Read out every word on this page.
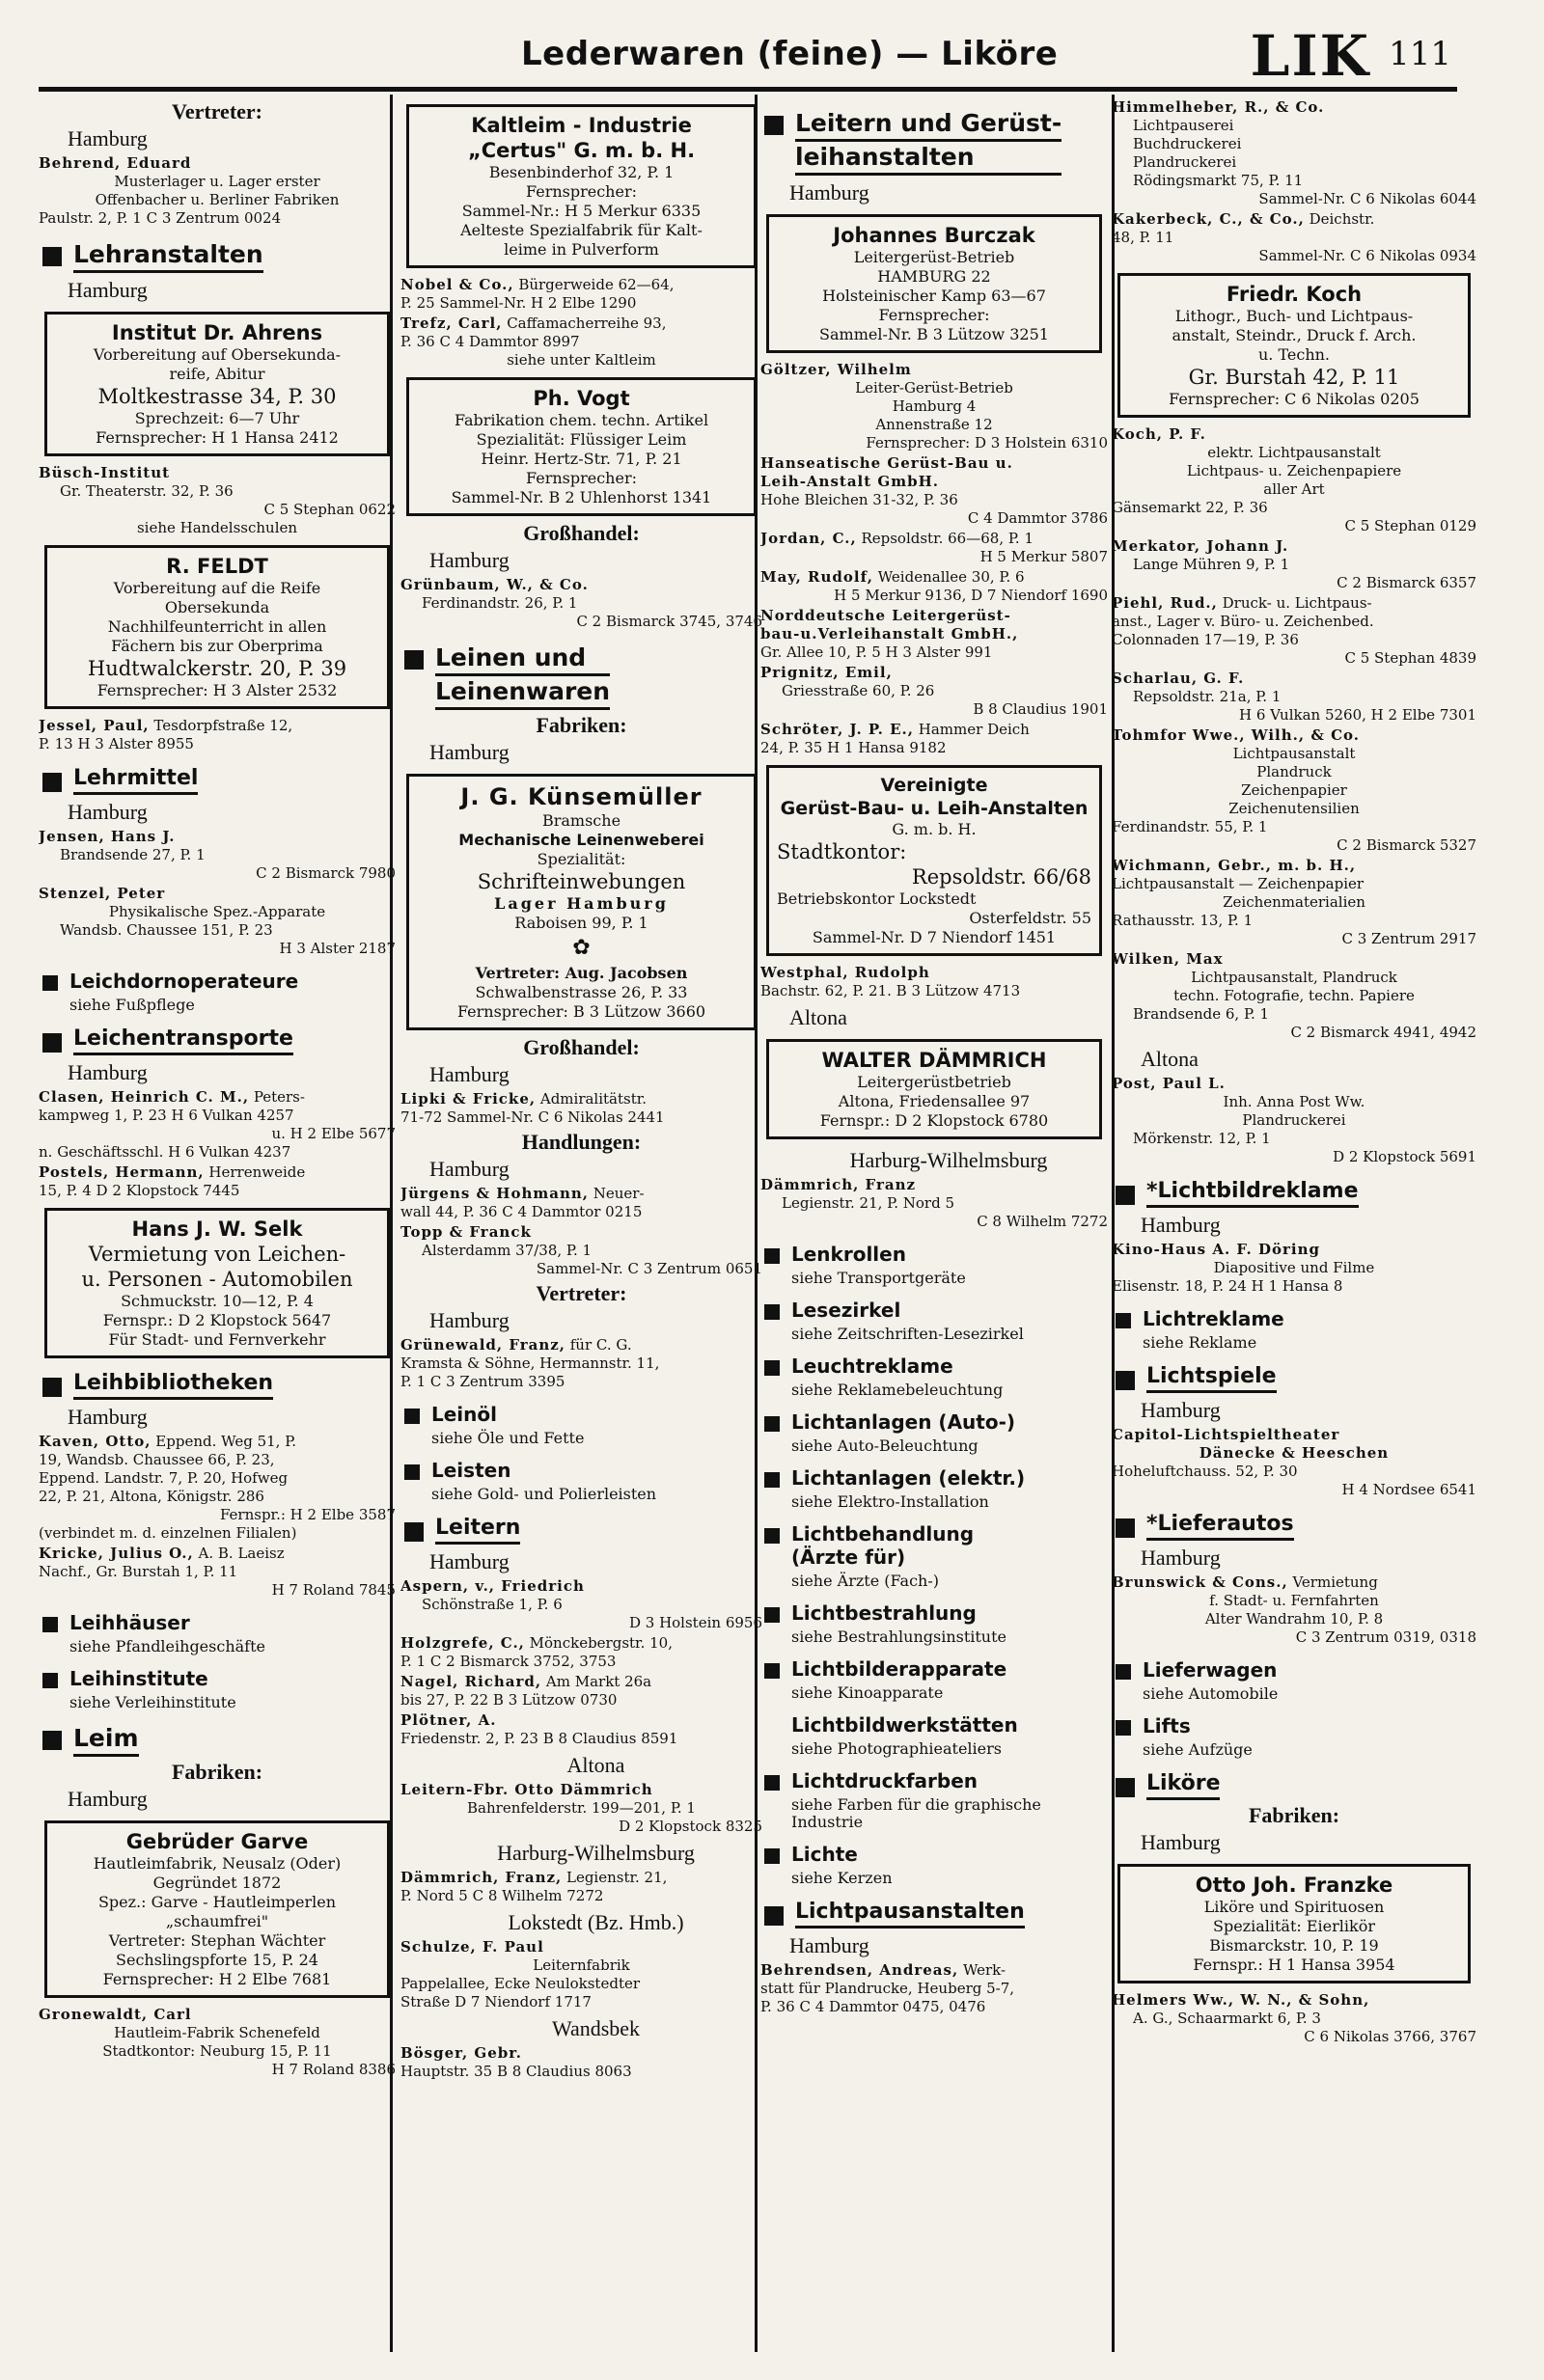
Lederwaren (feine) — Liköre	LIK 111
Vertreter:
Hamburg
Behrend, Eduard
Musterlager u. Lager erster
Offenbacher u. Berliner Fabriken
Paulstr. 2, P. 1 C 3 Zentrum 0024
Lehranstalten
Hamburg
Institut Dr. Ahrens
Vorbereitung auf Obersekunda-
reife, Abitur
Moltkestrasse 34, P. 30
Sprechzeit: 6—7 Uhr
Fernsprecher: H 1 Hansa 2412
Büsch-Institut
Gr. Theaterstr. 32, P. 36
C 5 Stephan 0622
siehe Handelsschulen
R. FELDT
Vorbereitung auf die Reife
Obersekunda
Nachhilfeunterricht in allen
Fächern bis zur Oberprima
Hudtwalckerstr. 20, P. 39
Fernsprecher: H 3 Alster 2532
Jessel, Paul, Tesdorpfstraße 12,
P. 13 H 3 Alster 8955
Lehrmittel
Hamburg
Jensen, Hans J.
Brandsende 27, P. 1
C 2 Bismarck 7980
Stenzel, Peter
Physikalische Spez.-Apparate
Wandsb. Chaussee 151, P. 23
H 3 Alster 2187
Leichdornoperateure
siehe Fußpflege
Leichentransporte
Hamburg
Clasen, Heinrich C. M., Peters-
kampweg 1, P. 23 H 6 Vulkan 4257
u. H 2 Elbe 5677
n. Geschäftsschl. H 6 Vulkan 4237
Postels, Hermann, Herrenweide
15, P. 4 D 2 Klopstock 7445
Hans J. W. Selk
Vermietung von Leichen-
u. Personen - Automobilen
Schmuckstr. 10—12, P. 4
Fernspr.: D 2 Klopstock 5647
Für Stadt- und Fernverkehr
Leihbibliotheken
Hamburg
Kaven, Otto, Eppend. Weg 51, P.
19, Wandsb. Chaussee 66, P. 23,
Eppend. Landstr. 7, P. 20, Hofweg
22, P. 21, Altona, Königstr. 286
Fernspr.: H 2 Elbe 3587
(verbindet m. d. einzelnen Filialen)
Kricke, Julius O., A. B. Laeisz
Nachf., Gr. Burstah 1, P. 11
H 7 Roland 7845
Leihhäuser
siehe Pfandleihgeschäfte
Leihinstitute
siehe Verleihinstitute
Leim
Fabriken:
Hamburg
Gebrüder Garve
Hautleimfabrik, Neusalz (Oder)
Gegründet 1872
Spez.: Garve - Hautleimperlen
„schaumfrei"
Vertreter: Stephan Wächter
Sechslingspforte 15, P. 24
Fernsprecher: H 2 Elbe 7681
Gronewaldt, Carl
Hautleim-Fabrik Schenefeld
Stadtkontor: Neuburg 15, P. 11
H 7 Roland 8386
Kaltleim - Industrie
„Certus" G. m. b. H.
Besenbinderhof 32, P. 1
Fernsprecher:
Sammel-Nr.: H 5 Merkur 6335
Aelteste Spezialfabrik für Kalt-
leime in Pulverform
Nobel & Co., Bürgerweide 62—64,
P. 25 Sammel-Nr. H 2 Elbe 1290
Trefz, Carl, Caffamacherreihe 93,
P. 36 C 4 Dammtor 8997
siehe unter Kaltleim
Ph. Vogt
Fabrikation chem. techn. Artikel
Spezialität: Flüssiger Leim
Heinr. Hertz-Str. 71, P. 21
Fernsprecher:
Sammel-Nr. B 2 Uhlenhorst 1341
Großhandel:
Hamburg
Grünbaum, W., & Co.
Ferdinandstr. 26, P. 1
C 2 Bismarck 3745, 3746
Leinen und
Leinenwaren
Fabriken:
Hamburg
J. G. Künsemüller
Bramsche
Mechanische Leinenweberei
Spezialität:
Schrifteinwebungen
Lager Hamburg
Raboisen 99, P. 1
✿
Vertreter: Aug. Jacobsen
Schwalbenstrasse 26, P. 33
Fernsprecher: B 3 Lützow 3660
Großhandel:
Hamburg
Lipki & Fricke, Admiralitätstr.
71-72 Sammel-Nr. C 6 Nikolas 2441
Handlungen:
Hamburg
Jürgens & Hohmann, Neuer-
wall 44, P. 36 C 4 Dammtor 0215
Topp & Franck
Alsterdamm 37/38, P. 1
Sammel-Nr. C 3 Zentrum 0651
Vertreter:
Hamburg
Grünewald, Franz, für C. G.
Kramsta & Söhne, Hermannstr. 11,
P. 1 C 3 Zentrum 3395
Leinöl
siehe Öle und Fette
Leisten
siehe Gold- und Polierleisten
Leitern
Hamburg
Aspern, v., Friedrich
Schönstraße 1, P. 6
D 3 Holstein 6956
Holzgrefe, C., Mönckebergstr. 10,
P. 1 C 2 Bismarck 3752, 3753
Nagel, Richard, Am Markt 26a
bis 27, P. 22 B 3 Lützow 0730
Plötner, A.
Friedenstr. 2, P. 23 B 8 Claudius 8591
Altona
Leitern-Fbr. Otto Dämmrich
Bahrenfelderstr. 199—201, P. 1
D 2 Klopstock 8325
Harburg-Wilhelmsburg
Dämmrich, Franz, Legienstr. 21,
P. Nord 5 C 8 Wilhelm 7272
Lokstedt (Bz. Hmb.)
Schulze, F. Paul
Leiternfabrik
Pappelallee, Ecke Neulokstedter
Straße D 7 Niendorf 1717
Wandsbek
Bösger, Gebr.
Hauptstr. 35 B 8 Claudius 8063
Leitern und Gerüst-
leihanstalten
Hamburg
Johannes Burczak
Leitergerüst-Betrieb
HAMBURG 22
Holsteinischer Kamp 63—67
Fernsprecher:
Sammel-Nr. B 3 Lützow 3251
Göltzer, Wilhelm
Leiter-Gerüst-Betrieb
Hamburg 4
Annenstraße 12
Fernsprecher: D 3 Holstein 6310
Hanseatische Gerüst-Bau u.
Leih-Anstalt GmbH.
Hohe Bleichen 31-32, P. 36
C 4 Dammtor 3786
Jordan, C., Repsoldstr. 66—68, P. 1
H 5 Merkur 5807
May, Rudolf, Weidenallee 30, P. 6
H 5 Merkur 9136, D 7 Niendorf 1690
Norddeutsche Leitergerüst-
bau-u.Verleihanstalt GmbH.,
Gr. Allee 10, P. 5 H 3 Alster 991
Prignitz, Emil,
Griesstraße 60, P. 26
B 8 Claudius 1901
Schröter, J. P. E., Hammer Deich
24, P. 35 H 1 Hansa 9182
Vereinigte
Gerüst-Bau- u. Leih-Anstalten
G. m. b. H.
Stadtkontor:
Repsoldstr. 66/68
Betriebskontor Lockstedt
Osterfeldstr. 55
Sammel-Nr. D 7 Niendorf 1451
Westphal, Rudolph
Bachstr. 62, P. 21. B 3 Lützow 4713
Altona
WALTER DÄMMRICH
Leitergerüstbetrieb
Altona, Friedensallee 97
Fernspr.: D 2 Klopstock 6780
Harburg-Wilhelmsburg
Dämmrich, Franz
Legienstr. 21, P. Nord 5
C 8 Wilhelm 7272
Lenkrollen
siehe Transportgeräte
Lesezirkel
siehe Zeitschriften-Lesezirkel
Leuchtreklame
siehe Reklamebeleuchtung
Lichtanlagen (Auto-)
siehe Auto-Beleuchtung
Lichtanlagen (elektr.)
siehe Elektro-Installation
Lichtbehandlung
(Ärzte für)
siehe Ärzte (Fach-)
Lichtbestrahlung
siehe Bestrahlungsinstitute
Lichtbilderapparate
siehe Kinoapparate
Lichtbildwerkstätten
siehe Photographieateliers
Lichtdruckfarben
siehe Farben für die graphische
Industrie
Lichte
siehe Kerzen
Lichtpausanstalten
Hamburg
Behrendsen, Andreas, Werk-
statt für Plandrucke, Heuberg 5-7,
P. 36 C 4 Dammtor 0475, 0476
Himmelheber, R., & Co.
Lichtpauserei
Buchdruckerei
Plandruckerei
Rödingsmarkt 75, P. 11
Sammel-Nr. C 6 Nikolas 6044
Kakerbeck, C., & Co., Deichstr.
48, P. 11
Sammel-Nr. C 6 Nikolas 0934
Friedr. Koch
Lithogr., Buch- und Lichtpaus-
anstalt, Steindr., Druck f. Arch.
u. Techn.
Gr. Burstah 42, P. 11
Fernsprecher: C 6 Nikolas 0205
Koch, P. F.
elektr. Lichtpausanstalt
Lichtpaus- u. Zeichenpapiere
aller Art
Gänsemarkt 22, P. 36
C 5 Stephan 0129
Merkator, Johann J.
Lange Mühren 9, P. 1
C 2 Bismarck 6357
Piehl, Rud., Druck- u. Lichtpaus-
anst., Lager v. Büro- u. Zeichenbed.
Colonnaden 17—19, P. 36
C 5 Stephan 4839
Scharlau, G. F.
Repsoldstr. 21a, P. 1
H 6 Vulkan 5260, H 2 Elbe 7301
Tohmfor Wwe., Wilh., & Co.
Lichtpausanstalt
Plandruck
Zeichenpapier
Zeichenutensilien
Ferdinandstr. 55, P. 1
C 2 Bismarck 5327
Wichmann, Gebr., m. b. H.,
Lichtpausanstalt — Zeichenpapier
Zeichenmaterialien
Rathausstr. 13, P. 1
C 3 Zentrum 2917
Wilken, Max
Lichtpausanstalt, Plandruck
techn. Fotografie, techn. Papiere
Brandsende 6, P. 1
C 2 Bismarck 4941, 4942
Altona
Post, Paul L.
Inh. Anna Post Ww.
Plandruckerei
Mörkenstr. 12, P. 1
D 2 Klopstock 5691
*Lichtbildreklame
Hamburg
Kino-Haus A. F. Döring
Diapositive und Filme
Elisenstr. 18, P. 24 H 1 Hansa 8
Lichtreklame
siehe Reklame
Lichtspiele
Hamburg
Capitol-Lichtspieltheater
Dänecke & Heeschen
Hoheluftchauss. 52, P. 30
H 4 Nordsee 6541
*Lieferautos
Hamburg
Brunswick & Cons., Vermietung
f. Stadt- u. Fernfahrten
Alter Wandrahm 10, P. 8
C 3 Zentrum 0319, 0318
Lieferwagen
siehe Automobile
Lifts
siehe Aufzüge
Liköre
Fabriken:
Hamburg
Otto Joh. Franzke
Liköre und Spirituosen
Spezialität: Eierlikör
Bismarckstr. 10, P. 19
Fernspr.: H 1 Hansa 3954
Helmers Ww., W. N., & Sohn,
A. G., Schaarmarkt 6, P. 3
C 6 Nikolas 3766, 3767
